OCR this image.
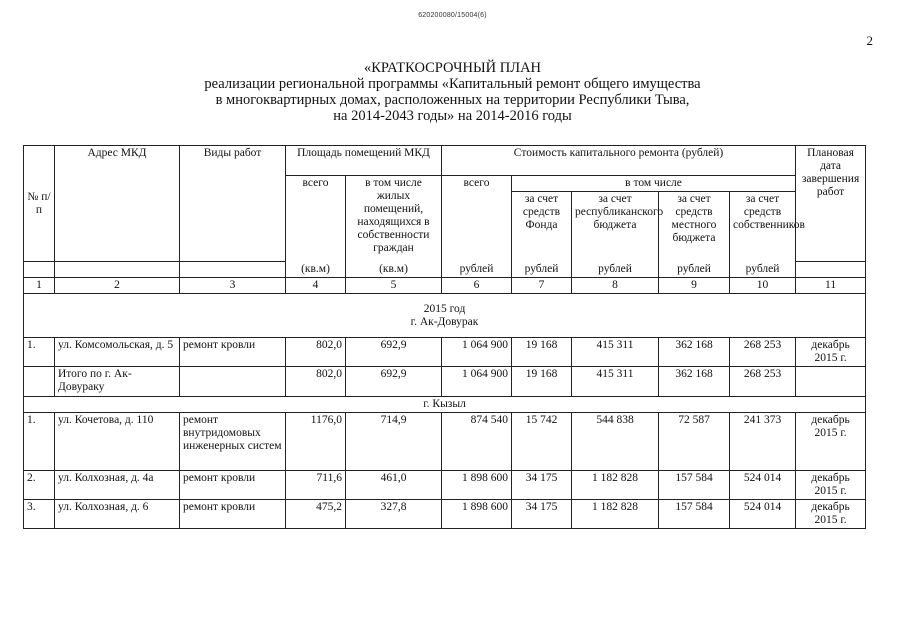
620200080/15004(6)
2
«КРАТКОСРОЧНЫЙ ПЛАН
реализации региональной программы «Капитальный ремонт общего имущества
в многоквартирных домах, расположенных на территории Республики Тыва,
на 2014-2043 годы» на 2014-2016 годы
№ п/п	Адрес МКД	Виды работ	Площадь помещений МКД		Стоимость капитального ремонта (рублей)					Плановая дата завершения работ
			всего	в том числе жилых помещений, находящихся в собственности граждан	всего	в том числе				
						за счет средств Фонда	за счет республиканского бюджета	за счет средств местного бюджета	за счет средств собственников	
			(кв.м)	(кв.м)	рублей	рублей	рублей	рублей	рублей	
1	2	3	4	5	6	7	8	9	10	11

2015 год
г. Ак-Довурак										

1.	ул. Комсомольская, д. 5	ремонт кровли	802,0	692,9	1 064 900	19 168	415 311	362 168	268 253	декабрь 2015 г.
	Итого по г. Ак-Довураку		802,0	692,9	1 064 900	19 168	415 311	362 168	268 253	
г. Кызыл										
1.	ул. Кочетова, д. 110	ремонт внутридомовых инженерных систем	1176,0	714,9	874 540	15 742	544 838	72 587	241 373	декабрь 2015 г.
2.	ул. Колхозная, д. 4а	ремонт кровли	711,6	461,0	1 898 600	34 175	1 182 828	157 584	524 014	декабрь 2015 г.
3.	ул. Колхозная, д. 6	ремонт кровли	475,2	327,8	1 898 600	34 175	1 182 828	157 584	524 014	декабрь 2015 г.
